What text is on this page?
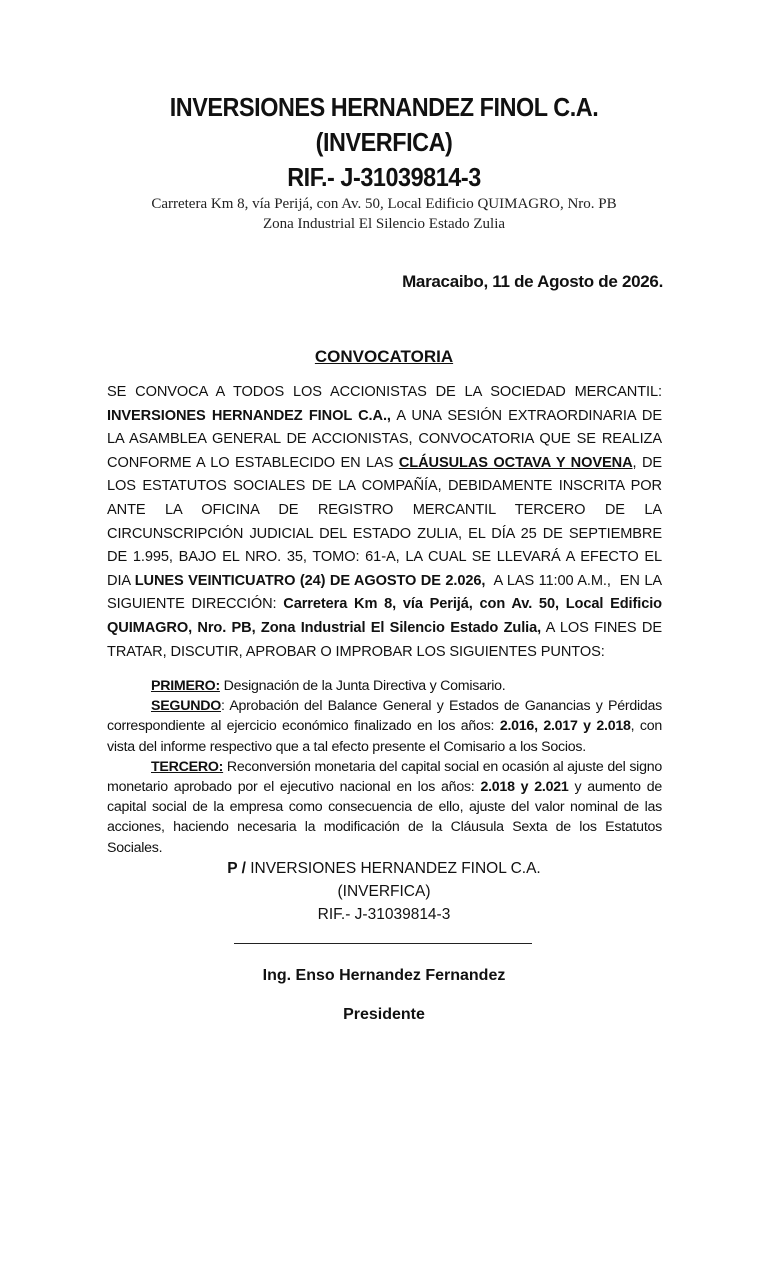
INVERSIONES HERNANDEZ FINOL C.A.
(INVERFICA)
RIF.- J-31039814-3
Carretera Km 8, vía Perijá, con Av. 50, Local Edificio QUIMAGRO, Nro. PB
Zona Industrial El Silencio Estado Zulia
Maracaibo, 11 de Agosto de 2026.
CONVOCATORIA
SE CONVOCA A TODOS LOS ACCIONISTAS DE LA SOCIEDAD MERCANTIL: INVERSIONES HERNANDEZ FINOL C.A., A UNA SESIÓN EXTRAORDINARIA DE LA ASAMBLEA GENERAL DE ACCIONISTAS, CONVOCATORIA QUE SE REALIZA CONFORME A LO ESTABLECIDO EN LAS CLÁUSULAS OCTAVA Y NOVENA, DE LOS ESTATUTOS SOCIALES DE LA COMPAÑÍA, DEBIDAMENTE INSCRITA POR ANTE LA OFICINA DE REGISTRO MERCANTIL TERCERO DE LA CIRCUNSCRIPCIÓN JUDICIAL DEL ESTADO ZULIA, EL DÍA 25 DE SEPTIEMBRE DE 1.995, BAJO EL NRO. 35, TOMO: 61-A, LA CUAL SE LLEVARÁ A EFECTO EL DIA LUNES VEINTICUATRO (24) DE AGOSTO DE 2.026,  A LAS 11:00 A.M.,  EN LA SIGUIENTE DIRECCIÓN: Carretera Km 8, vía Perijá, con Av. 50, Local Edificio QUIMAGRO, Nro. PB, Zona Industrial El Silencio Estado Zulia, A LOS FINES DE TRATAR, DISCUTIR, APROBAR O IMPROBAR LOS SIGUIENTES PUNTOS:

PRIMERO: Designación de la Junta Directiva y Comisario.

SEGUNDO: Aprobación del Balance General y Estados de Ganancias y Pérdidas correspondiente al ejercicio económico finalizado en los años: 2.016, 2.017 y 2.018, con vista del informe respectivo que a tal efecto presente el Comisario a los Socios.

TERCERO: Reconversión monetaria del capital social en ocasión al ajuste del signo monetario aprobado por el ejecutivo nacional en los años: 2.018 y 2.021 y aumento de capital social de la empresa como consecuencia de ello, ajuste del valor nominal de las acciones, haciendo necesaria la modificación de la Cláusula Sexta de los Estatutos Sociales.

P / INVERSIONES HERNANDEZ FINOL C.A.
(INVERFICA)
RIF.- J-31039814-3
Ing. Enso Hernandez Fernandez
Presidente
